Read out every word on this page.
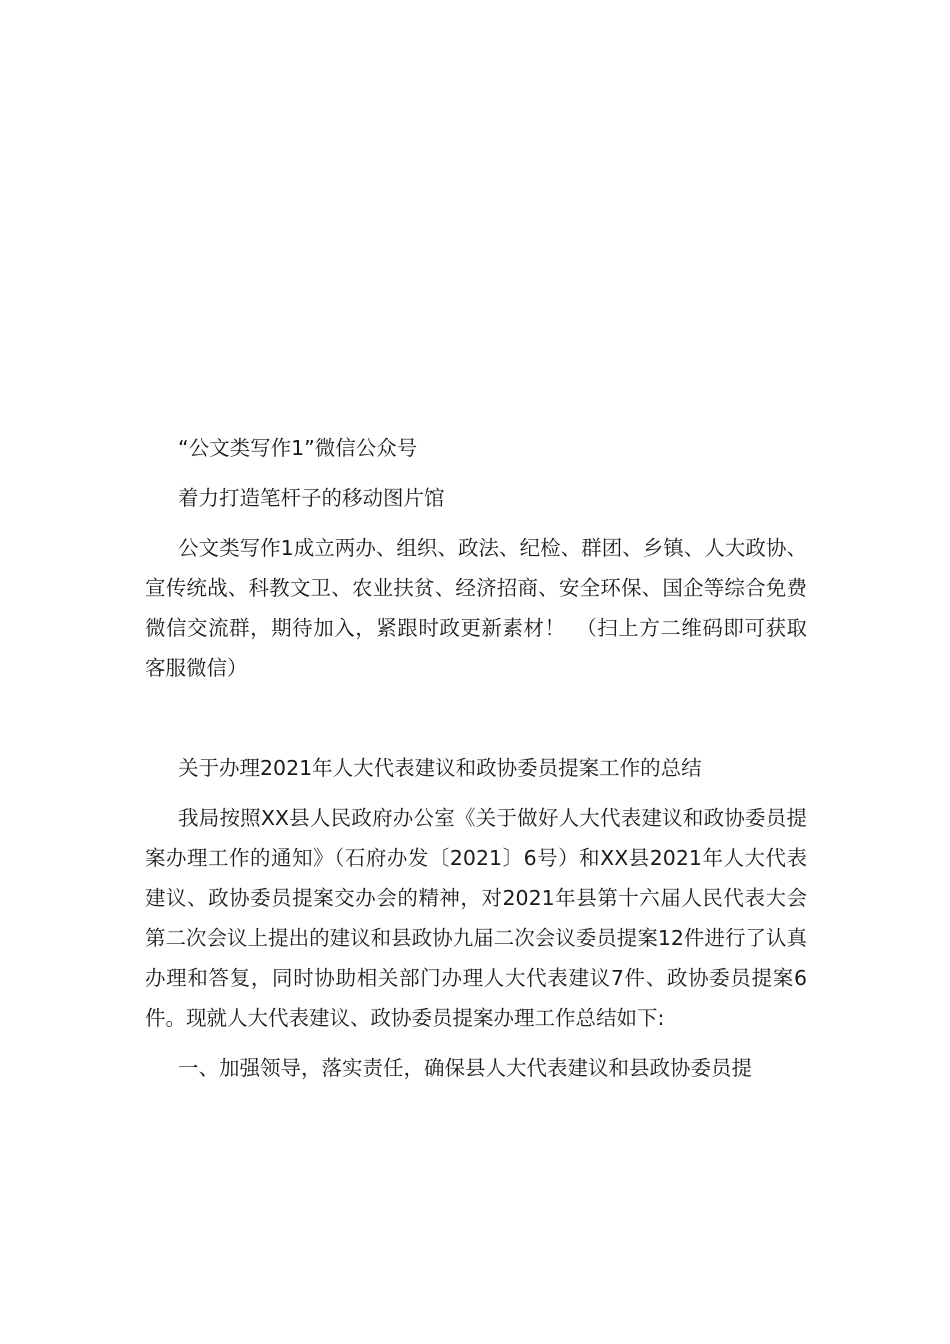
“公文类写作1”微信公众号

着力打造笔杆子的移动图片馆

公文类写作1成立两办、组织、政法、纪检、群团、乡镇、人大政协、宣传统战、科教文卫、农业扶贫、经济招商、安全环保、国企等综合免费微信交流群，期待加入，紧跟时政更新素材！　（扫上方二维码即可获取客服微信）

关于办理2021年人大代表建议和政协委员提案工作的总结

我局按照XX县人民政府办公室《关于做好人大代表建议和政协委员提案办理工作的通知》（石府办发〔2021〕6号）和XX县2021年人大代表建议、政协委员提案交办会的精神，对2021年县第十六届人民代表大会第二次会议上提出的建议和县政协九届二次会议委员提案12件进行了认真办理和答复，同时协助相关部门办理人大代表建议7件、政协委员提案6件。现就人大代表建议、政协委员提案办理工作总结如下:

一、加强领导，落实责任，确保县人大代表建议和县政协委员提
